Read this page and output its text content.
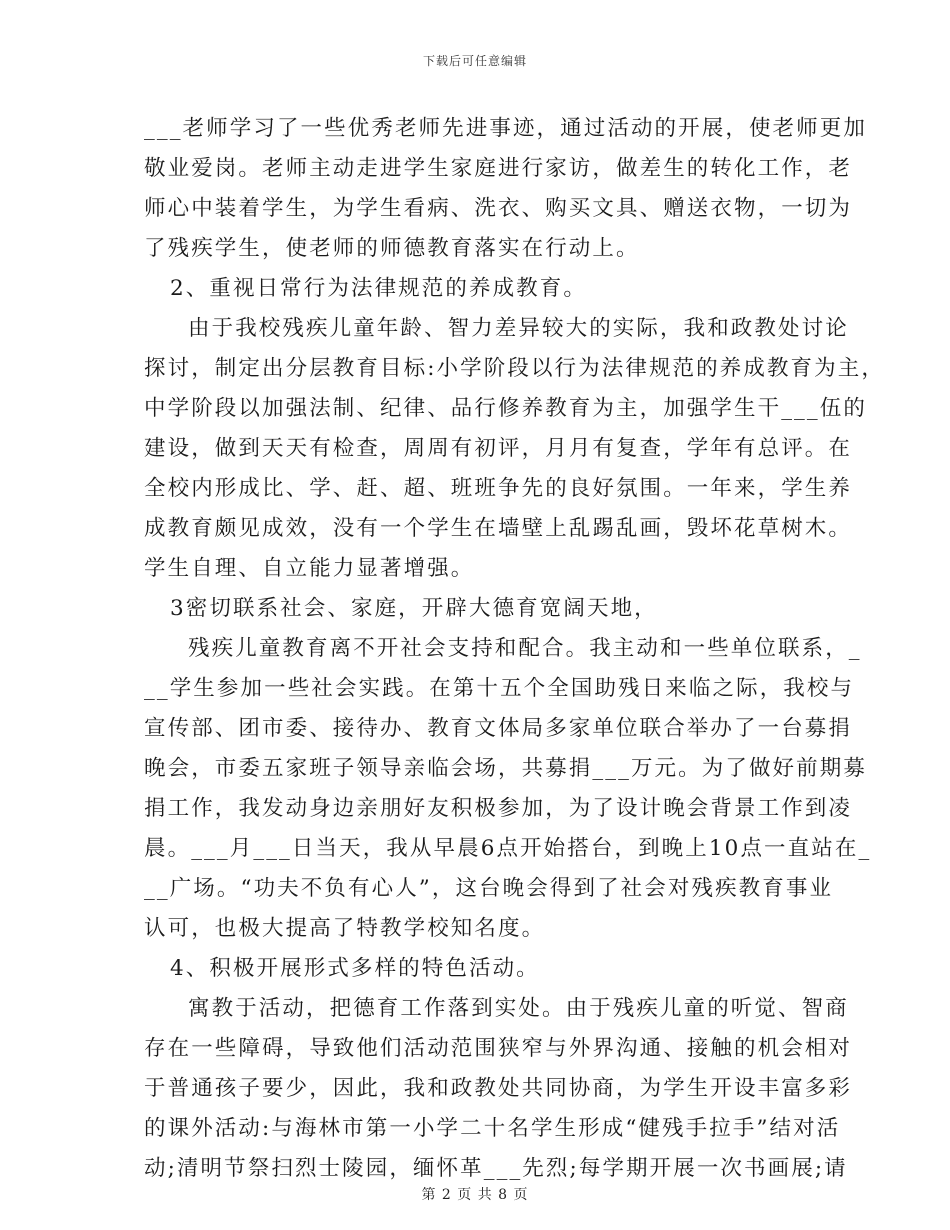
下载后可任意编辑
___老师学习了一些优秀老师先进事迹，通过活动的开展，使老师更加
敬业爱岗。老师主动走进学生家庭进行家访，做差生的转化工作，老
师心中装着学生，为学生看病、洗衣、购买文具、赠送衣物，一切为
了残疾学生，使老师的师德教育落实在行动上。
2、重视日常行为法律规范的养成教育。
由于我校残疾儿童年龄、智力差异较大的实际，我和政教处讨论
探讨，制定出分层教育目标:小学阶段以行为法律规范的养成教育为主，
中学阶段以加强法制、纪律、品行修养教育为主，加强学生干___伍的
建设，做到天天有检查，周周有初评，月月有复查，学年有总评。在
全校内形成比、学、赶、超、班班争先的良好氛围。一年来，学生养
成教育颇见成效，没有一个学生在墙壁上乱踢乱画，毁坏花草树木。
学生自理、自立能力显著增强。
3密切联系社会、家庭，开辟大德育宽阔天地，
残疾儿童教育离不开社会支持和配合。我主动和一些单位联系，_
__学生参加一些社会实践。在第十五个全国助残日来临之际，我校与
宣传部、团市委、接待办、教育文体局多家单位联合举办了一台募捐
晚会，市委五家班子领导亲临会场，共募捐___万元。为了做好前期募
捐工作，我发动身边亲朋好友积极参加，为了设计晚会背景工作到凌
晨。___月___日当天，我从早晨6点开始搭台，到晚上10点一直站在_
__广场。“功夫不负有心人”，这台晚会得到了社会对残疾教育事业
认可，也极大提高了特教学校知名度。
4、积极开展形式多样的特色活动。
寓教于活动，把德育工作落到实处。由于残疾儿童的听觉、智商
存在一些障碍，导致他们活动范围狭窄与外界沟通、接触的机会相对
于普通孩子要少，因此，我和政教处共同协商，为学生开设丰富多彩
的课外活动:与海林市第一小学二十名学生形成“健残手拉手”结对活
动;清明节祭扫烈士陵园，缅怀革___先烈;每学期开展一次书画展;请
第 2 页 共 8 页
